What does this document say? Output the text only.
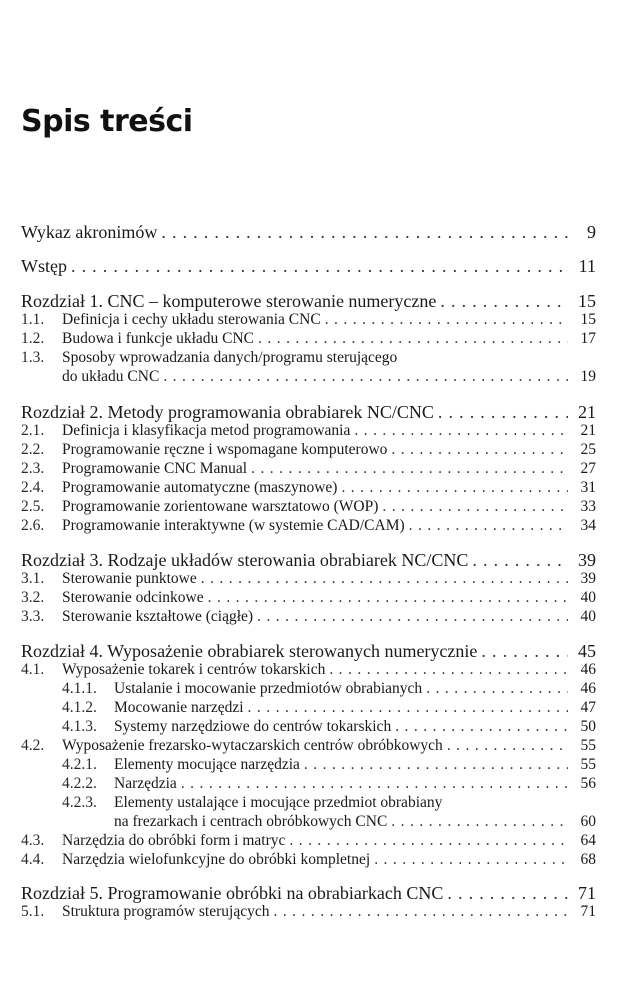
Spis treści
Wykaz akronimów . . .	9
Wstęp . . .	11
Rozdział 1. CNC – komputerowe sterowanie numeryczne . . .	15
1.1.	Definicja i cechy układu sterowania CNC . . .	15
1.2.	Budowa i funkcje układu CNC . . .	17
1.3.	Sposoby wprowadzania danych/programu sterującego
do układu CNC . . .	19
Rozdział 2. Metody programowania obrabiarek NC/CNC . . .	21
2.1.	Definicja i klasyfikacja metod programowania . . .	21
2.2.	Programowanie ręczne i wspomagane komputerowo . . .	25
2.3.	Programowanie CNC Manual . . .	27
2.4.	Programowanie automatyczne (maszynowe) . . .	31
2.5.	Programowanie zorientowane warsztatowo (WOP) . . .	33
2.6.	Programowanie interaktywne (w systemie CAD/CAM) . . .	34
Rozdział 3. Rodzaje układów sterowania obrabiarek NC/CNC . . .	39
3.1.	Sterowanie punktowe . . .	39
3.2.	Sterowanie odcinkowe . . .	40
3.3.	Sterowanie kształtowe (ciągłe) . . .	40
Rozdział 4. Wyposażenie obrabiarek sterowanych numerycznie . . .	45
4.1.	Wyposażenie tokarek i centrów tokarskich . . .	46
4.1.1.	Ustalanie i mocowanie przedmiotów obrabianych . . .	46
4.1.2.	Mocowanie narzędzi . . .	47
4.1.3.	Systemy narzędziowe do centrów tokarskich . . .	50
4.2.	Wyposażenie frezarsko-wytaczarskich centrów obróbkowych . . .	55
4.2.1.	Elementy mocujące narzędzia . . .	55
4.2.2.	Narzędzia . . .	56
4.2.3.	Elementy ustalające i mocujące przedmiot obrabiany
na frezarkach i centrach obróbkowych CNC . . .	60
4.3.	Narzędzia do obróbki form i matryc . . .	64
4.4.	Narzędzia wielofunkcyjne do obróbki kompletnej . . .	68
Rozdział 5. Programowanie obróbki na obrabiarkach CNC . . .	71
5.1.	Struktura programów sterujących . . .	71
